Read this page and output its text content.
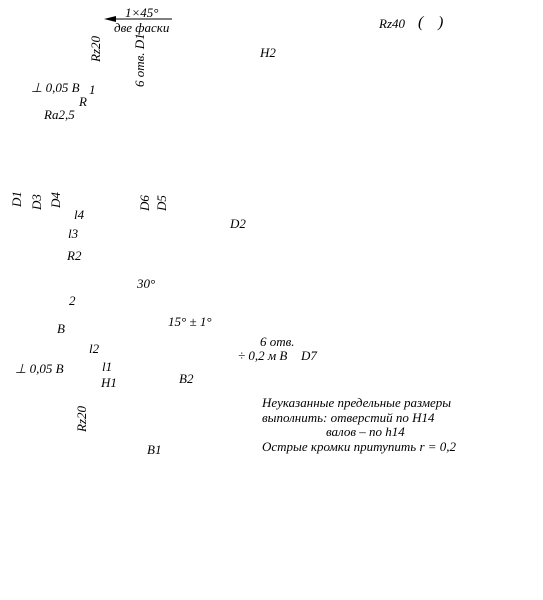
1×45°
две фаски	Rz40 ( )
Rz20 6 отв. D1	H2
⊥ 0,05 B 1
R
Ra2,5
D1 D3 D4	D6 D5
l4
D2
l3
R2
30°
2
15° ± 1°
B
6 отв.
÷ 0,2 м B D7
l2
⊥ 0,05 B	l1
H1	B2
Rz20
B1
Неуказанные предельные размеры
выполнить: отверстий по H14
валов – по h14
Острые кромки притупить r = 0,2
